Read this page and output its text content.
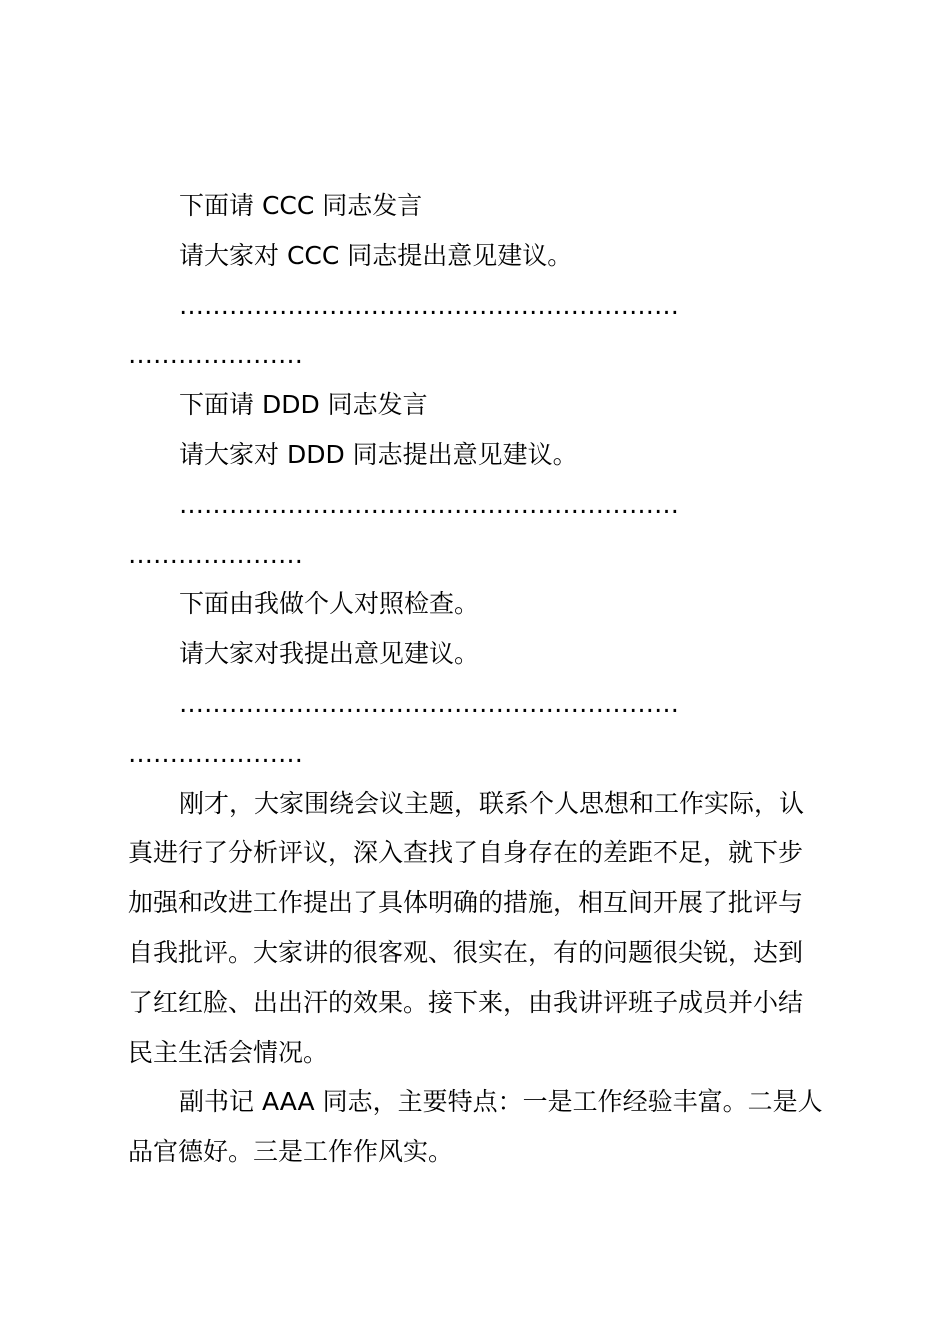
下面请 CCC 同志发言
请大家对 CCC 同志提出意见建议。
……………………………………………………
…………………
下面请 DDD 同志发言
请大家对 DDD 同志提出意见建议。
……………………………………………………
…………………
下面由我做个人对照检查。
请大家对我提出意见建议。
……………………………………………………
…………………
刚才，大家围绕会议主题，联系个人思想和工作实际，认
真进行了分析评议，深入查找了自身存在的差距不足，就下步
加强和改进工作提出了具体明确的措施，相互间开展了批评与
自我批评。大家讲的很客观、很实在，有的问题很尖锐，达到
了红红脸、出出汗的效果。接下来，由我讲评班子成员并小结
民主生活会情况。
副书记 AAA 同志，主要特点：一是工作经验丰富。二是人
品官德好。三是工作作风实。
